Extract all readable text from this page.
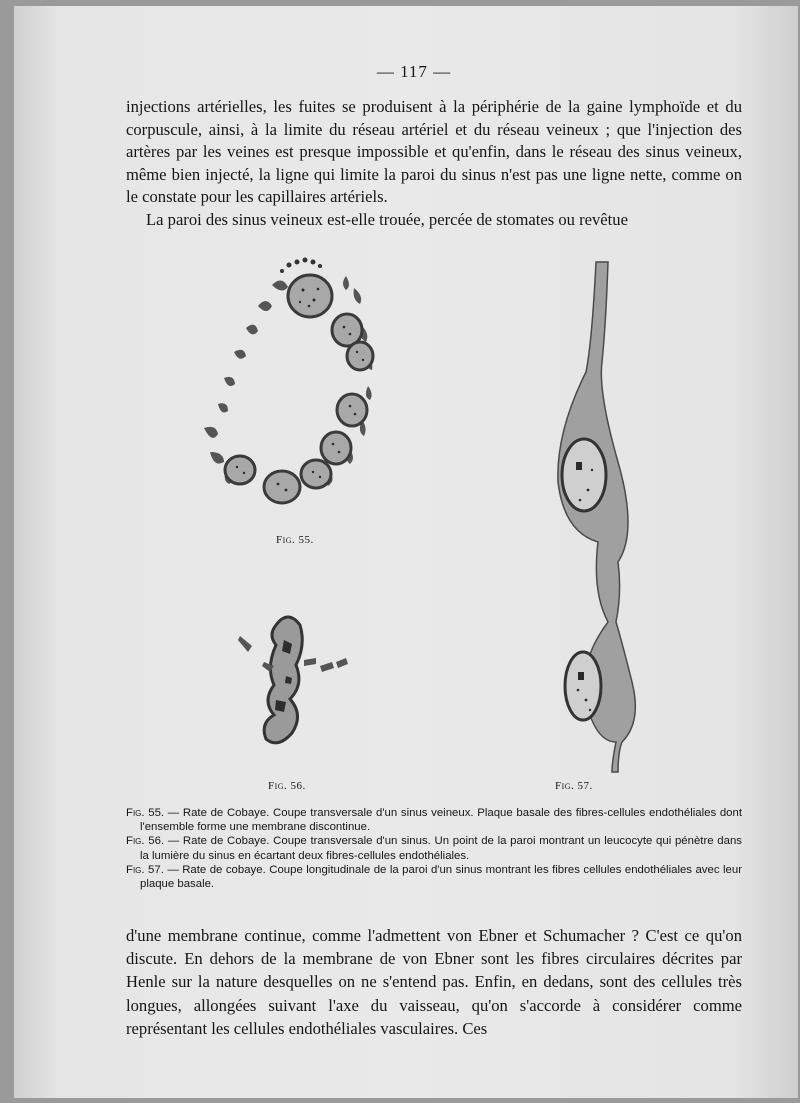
— 117 —

injections artérielles, les fuites se produisent à la périphérie de la gaine lymphoïde et du corpuscule, ainsi, à la limite du réseau artériel et du réseau veineux ; que l'injection des artères par les veines est presque impossible et qu'enfin, dans le réseau des sinus veineux, même bien injecté, la ligne qui limite la paroi du sinus n'est pas une ligne nette, comme on le constate pour les capillaires artériels.

La paroi des sinus veineux est-elle trouée, percée de stomates ou revêtue

Fig. 55.
Fig. 56.	Fig. 57.

Fig. 55. — Rate de Cobaye. Coupe transversale d'un sinus veineux. Plaque basale des fibres-cellules endothéliales dont l'ensemble forme une membrane discontinue.

Fig. 56. — Rate de Cobaye. Coupe transversale d'un sinus. Un point de la paroi montrant un leucocyte qui pénètre dans la lumière du sinus en écartant deux fibres-cellules endothéliales.

Fig. 57. — Rate de cobaye. Coupe longitudinale de la paroi d'un sinus montrant les fibres cellules endothéliales avec leur plaque basale.

d'une membrane continue, comme l'admettent von Ebner et Schumacher ? C'est ce qu'on discute. En dehors de la membrane de von Ebner sont les fibres circulaires décrites par Henle sur la nature desquelles on ne s'entend pas. Enfin, en dedans, sont des cellules très longues, allongées suivant l'axe du vaisseau, qu'on s'accorde à considérer comme représentant les cellules endothéliales vasculaires. Ces
